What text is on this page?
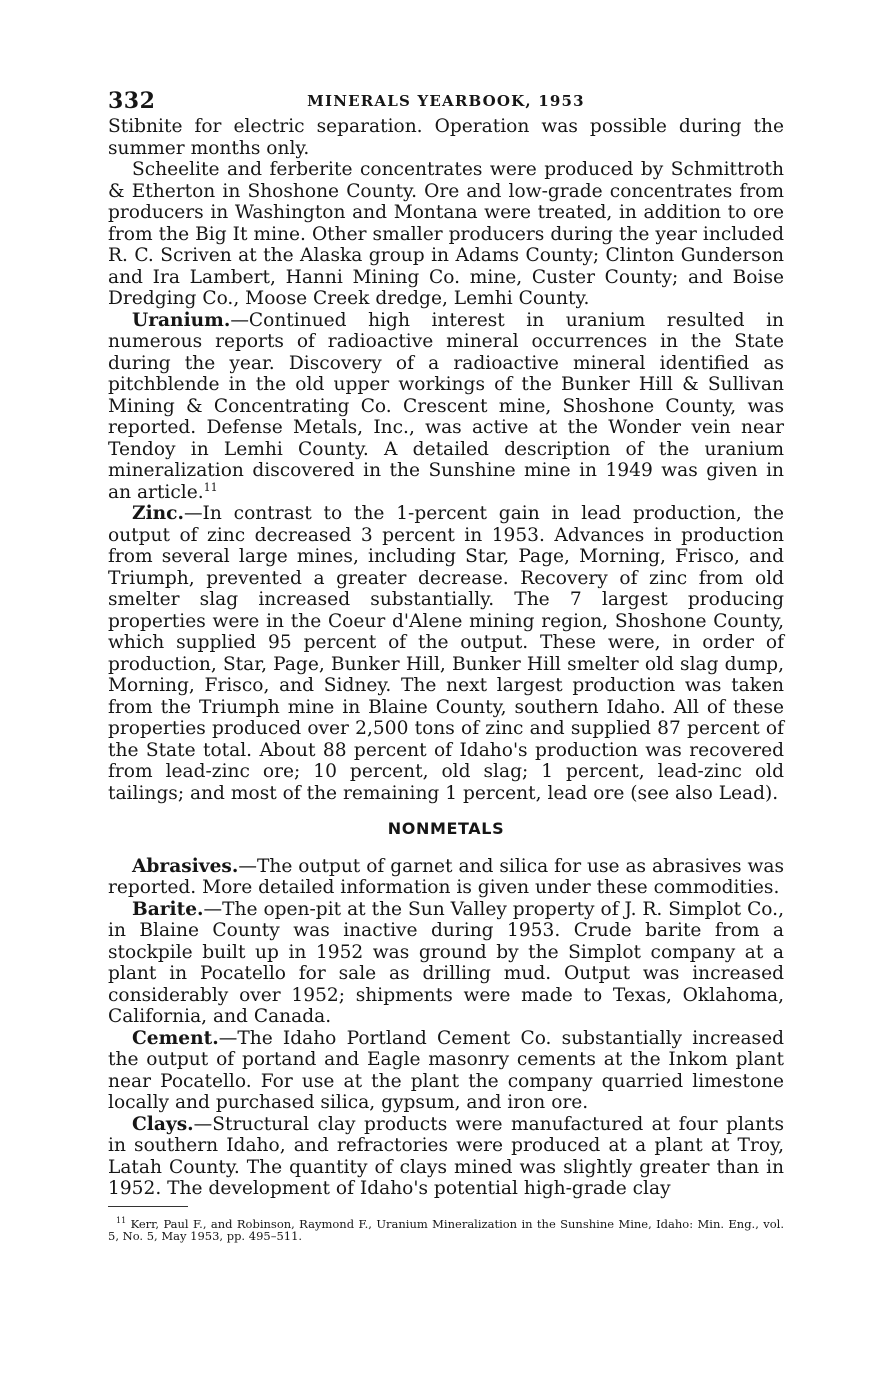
332	MINERALS YEARBOOK, 1953

Stibnite for electric separation. Operation was possible during the summer months only.

Scheelite and ferberite concentrates were produced by Schmittroth & Etherton in Shoshone County. Ore and low-grade concentrates from producers in Washington and Montana were treated, in addition to ore from the Big It mine. Other smaller producers during the year included R. C. Scriven at the Alaska group in Adams County; Clinton Gunderson and Ira Lambert, Hanni Mining Co. mine, Custer County; and Boise Dredging Co., Moose Creek dredge, Lemhi County.

Uranium.—Continued high interest in uranium resulted in numerous reports of radioactive mineral occurrences in the State during the year. Discovery of a radioactive mineral identified as pitchblende in the old upper workings of the Bunker Hill & Sullivan Mining & Concentrating Co. Crescent mine, Shoshone County, was reported. Defense Metals, Inc., was active at the Wonder vein near Tendoy in Lemhi County. A detailed description of the uranium mineralization discovered in the Sunshine mine in 1949 was given in an article.$^{11}$

Zinc.—In contrast to the 1-percent gain in lead production, the output of zinc decreased 3 percent in 1953. Advances in production from several large mines, including Star, Page, Morning, Frisco, and Triumph, prevented a greater decrease. Recovery of zinc from old smelter slag increased substantially. The 7 largest producing properties were in the Coeur d'Alene mining region, Shoshone County, which supplied 95 percent of the output. These were, in order of production, Star, Page, Bunker Hill, Bunker Hill smelter old slag dump, Morning, Frisco, and Sidney. The next largest production was taken from the Triumph mine in Blaine County, southern Idaho. All of these properties produced over 2,500 tons of zinc and supplied 87 percent of the State total. About 88 percent of Idaho's production was recovered from lead-zinc ore; 10 percent, old slag; 1 percent, lead-zinc old tailings; and most of the remaining 1 percent, lead ore (see also Lead).

NONMETALS

Abrasives.—The output of garnet and silica for use as abrasives was reported. More detailed information is given under these commodities.

Barite.—The open-pit at the Sun Valley property of J. R. Simplot Co., in Blaine County was inactive during 1953. Crude barite from a stockpile built up in 1952 was ground by the Simplot company at a plant in Pocatello for sale as drilling mud. Output was increased considerably over 1952; shipments were made to Texas, Oklahoma, California, and Canada.

Cement.—The Idaho Portland Cement Co. substantially increased the output of portand and Eagle masonry cements at the Inkom plant near Pocatello. For use at the plant the company quarried limestone locally and purchased silica, gypsum, and iron ore.

Clays.—Structural clay products were manufactured at four plants in southern Idaho, and refractories were produced at a plant at Troy, Latah County. The quantity of clays mined was slightly greater than in 1952. The development of Idaho's potential high-grade clay

$^{11}$ Kerr, Paul F., and Robinson, Raymond F., Uranium Mineralization in the Sunshine Mine, Idaho: Min. Eng., vol. 5, No. 5, May 1953, pp. 495–511.
